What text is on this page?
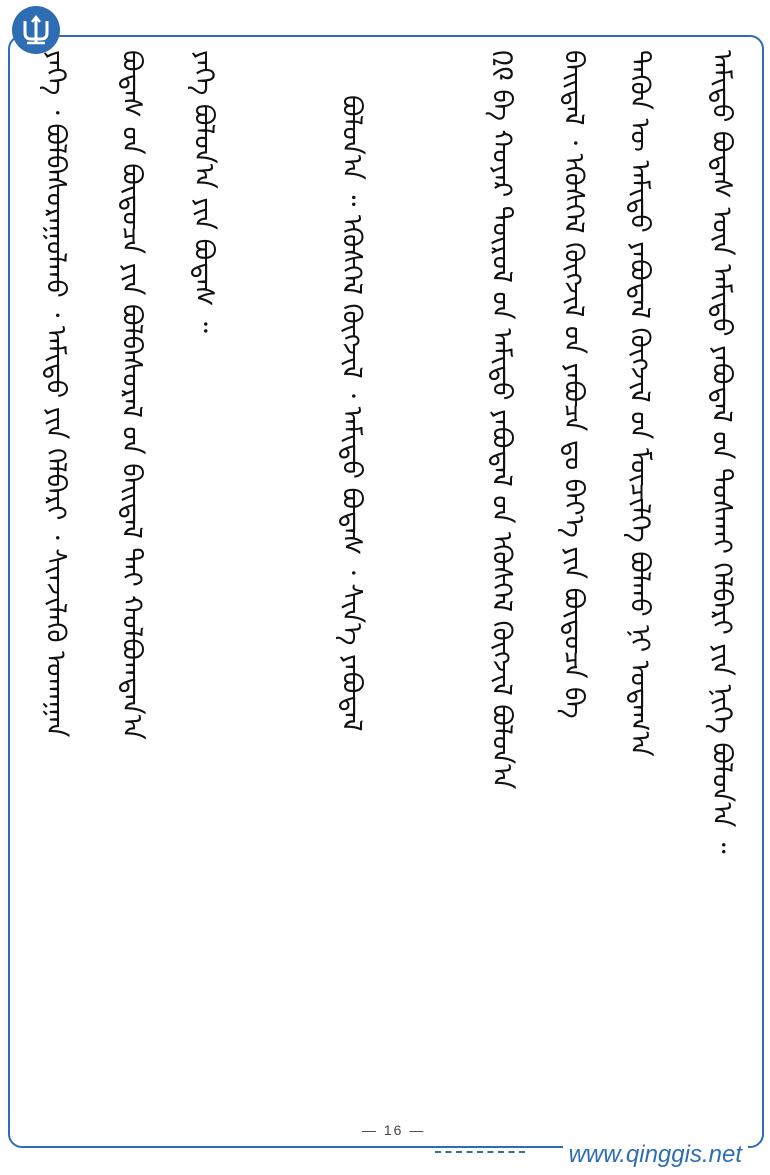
ᠠᠮᠢᠳᠤ ᠪᠣᠳᠠᠰ ᠦᠨ ᠠᠮᠢᠳᠤ ᠶᠠᠪᠤᠳᠠᠯ ᠤ᠋ᠨ ᠲᠤᠰᠬᠠᠢ ᠬᠡᠯᠪᠡᠷᠢ ᠶᠢᠨ ᠨᠢᠭᠡ ᠪᠣᠯᠤᠨ᠎ᠠ ᠃
ᠲᠡᠭᠦᠨ ᠦ ᠠᠮᠢᠳᠤ ᠶᠠᠪᠤᠳᠠᠯ ᠬᠥᠭᠵᠢᠯ ᠦ᠋ᠨ ᠮᠥᠴᠢᠯᠭᠡ ᠪᠣᠯᠬᠤ ᠨᠢ ᠤᠳᠠᠭ᠎ᠠ
ᠪᠠᠢᠳᠠᠯ ᠂ ᠡᠭᠦᠰᠭᠡᠯ ᠬᠥᠭᠵᠢᠯ ᠦ᠋ᠨ ᠶᠠᠪᠤᠴᠠ ᠳᠤ ᠪᠡᠶ᠎ᠡ ᠶᠢᠨ ᠪᠦᠲᠦᠴᠡ ᠪᠠ
᠒᠙ ᠪᠠ ᠬᠣᠶᠠᠷ ᠲᠦᠷᠦᠯ ᠦ᠋ᠨ ᠠᠮᠢᠳᠤ ᠶᠠᠪᠤᠳᠠᠯ ᠤ᠋ᠨ ᠡᠭᠦᠰᠭᠡᠯ ᠬᠥᠭᠵᠢᠯ ᠪᠣᠯᠤᠨ᠎ᠠ
ᠪᠣᠯᠤᠨ᠎ᠠ ᠃ ᠡᠭᠦᠰᠭᠡᠯ ᠬᠥᠭᠵᠢᠯ ᠂ ᠠᠮᠢᠳᠤ ᠪᠣᠳᠠᠰ ᠂ ᠰᠢᠨ᠎ᠡ ᠶᠠᠪᠤᠳᠠᠯ
ᠶᠡᠬᠡ ᠪᠣᠯᠤᠨ᠎ᠠ ᠶᠢᠨ ᠪᠣᠳᠠᠰ ᠃
ᠪᠣᠳᠠᠰ ᠤ᠋ᠨ ᠪᠦᠲᠦᠴᠡ ᠶᠢᠨ ᠪᠣᠯᠪᠠᠰᠤᠷᠠᠯ ᠤ᠋ᠨ ᠪᠠᠢᠳᠠᠯ ᠲᠠᠢ ᠬᠣᠯᠪᠣᠭᠳᠠᠨ᠎ᠠ
ᠶᠡᠬᠡ ᠂ ᠪᠣᠯᠪᠠᠰᠤᠷᠠᠭᠤᠯᠬᠤ ᠂ ᠠᠮᠢᠳᠤ ᠶᠢᠨ ᠬᠡᠯᠪᠡᠷᠢ ᠂ ᠰᠢᠨᠵᠢᠯᠡᠬᠦ ᠤᠬᠠᠭᠠᠨ
— 16 —
www.qinggis.net
